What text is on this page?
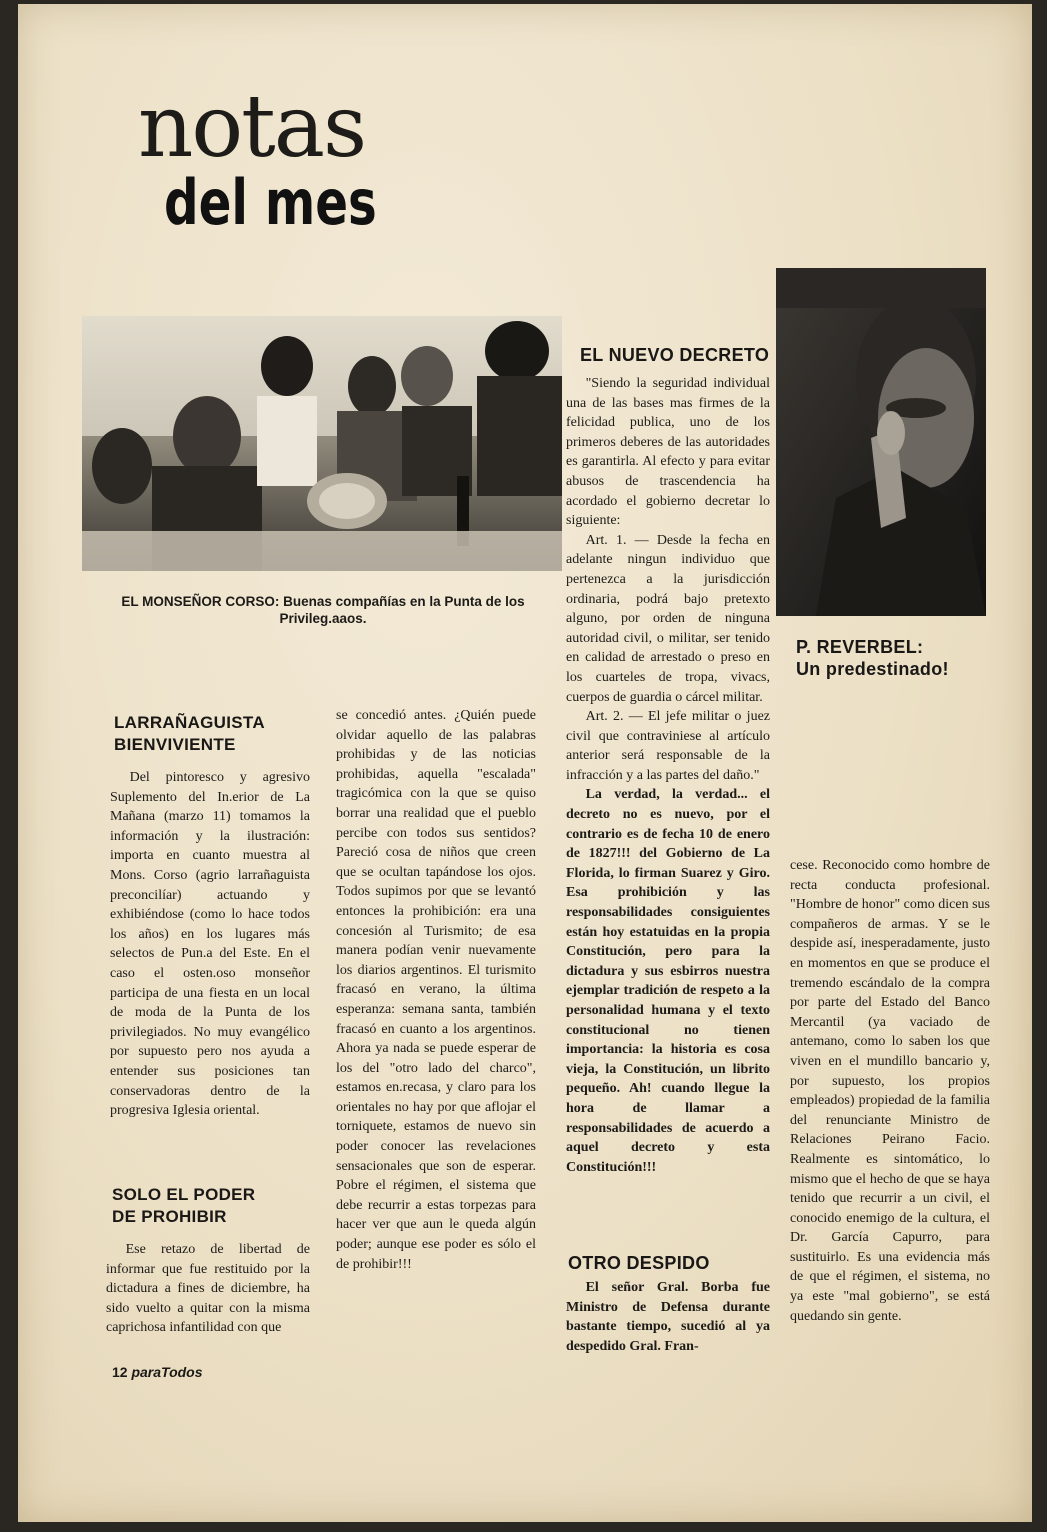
notas
del mes
EL MONSEÑOR CORSO: Buenas compañías en la Punta de los Privileg.aaos.
P. REVERBEL:
Un predestinado!
LARRAÑAGUISTA
BIENVIVIENTE

Del pintoresco y agresivo Suplemento del In.erior de La Mañana (marzo 11) tomamos la información y la ilustración: importa en cuanto muestra al Mons. Corso (agrio larrañaguista preconcilíar) actuando y exhibiéndose (como lo hace todos los años) en los lugares más selectos de Pun.a del Este. En el caso el osten.oso monseñor participa de una fiesta en un local de moda de la Punta de los privilegiados. No muy evangélico por supuesto pero nos ayuda a entender sus posiciones tan conservadoras dentro de la progresiva Iglesia oriental.

SOLO EL PODER
DE PROHIBIR

Ese retazo de libertad de informar que fue restituido por la dictadura a fines de diciembre, ha sido vuelto a quitar con la misma caprichosa infantilidad con que

se concedió antes. ¿Quién puede olvidar aquello de las palabras prohibidas y de las noticias prohibidas, aquella "escalada" tragicómica con la que se quiso borrar una realidad que el pueblo percibe con todos sus sentidos? Pareció cosa de niños que creen que se ocultan tapándose los ojos. Todos supimos por que se levantó entonces la prohibición: era una concesión al Turismito; de esa manera podían venir nuevamente los diarios argentinos. El turismito fracasó en verano, la última esperanza: semana santa, también fracasó en cuanto a los argentinos. Ahora ya nada se puede esperar de los del "otro lado del charco", estamos en.recasa, y claro para los orientales no hay por que aflojar el torniquete, estamos de nuevo sin poder conocer las revelaciones sensacionales que son de esperar. Pobre el régimen, el sistema que debe recurrir a estas torpezas para hacer ver que aun le queda algún poder; aunque ese poder es sólo el de prohibir!!!

EL NUEVO DECRETO

"Siendo la seguridad individual una de las bases mas firmes de la felicidad publica, uno de los primeros deberes de las autoridades es garantirla. Al efecto y para evitar abusos de trascendencia ha acordado el gobierno decretar lo siguiente:

Art. 1. — Desde la fecha en adelante ningun individuo que pertenezca a la jurisdicción ordinaria, podrá bajo pretexto alguno, por orden de ninguna autoridad civil, o militar, ser tenido en calidad de arrestado o preso en los cuarteles de tropa, vivacs, cuerpos de guardia o cárcel militar.

Art. 2. — El jefe militar o juez civil que contraviniese al artículo anterior será responsable de la infracción y a las partes del daño."

La verdad, la verdad... el decreto no es nuevo, por el contrario es de fecha 10 de enero de 1827!!! del Gobierno de La Florida, lo firman Suarez y Giro. Esa prohibición y las responsabilidades consiguientes están hoy estatuidas en la propia Constitución, pero para la dictadura y sus esbirros nuestra ejemplar tradición de respeto a la personalidad humana y el texto constitucional no tienen importancia: la historia es cosa vieja, la Constitución, un librito pequeño. Ah! cuando llegue la hora de llamar a responsabilidades de acuerdo a aquel decreto y esta Constitución!!!

OTRO DESPIDO

El señor Gral. Borba fue Ministro de Defensa durante bastante tiempo, sucedió al ya despedido Gral. Fran-

cese. Reconocido como hombre de recta conducta profesional. "Hombre de honor" como dicen sus compañeros de armas. Y se le despide así, inesperadamente, justo en momentos en que se produce el tremendo escándalo de la compra por parte del Estado del Banco Mercantil (ya vaciado de antemano, como lo saben los que viven en el mundillo bancario y, por supuesto, los propios empleados) propiedad de la familia del renunciante Ministro de Relaciones Peirano Facio. Realmente es sintomático, lo mismo que el hecho de que se haya tenido que recurrir a un civil, el conocido enemigo de la cultura, el Dr. García Capurro, para sustituirlo. Es una evidencia más de que el régimen, el sistema, no ya este "mal gobierno", se está quedando sin gente.

12 paraTodos
